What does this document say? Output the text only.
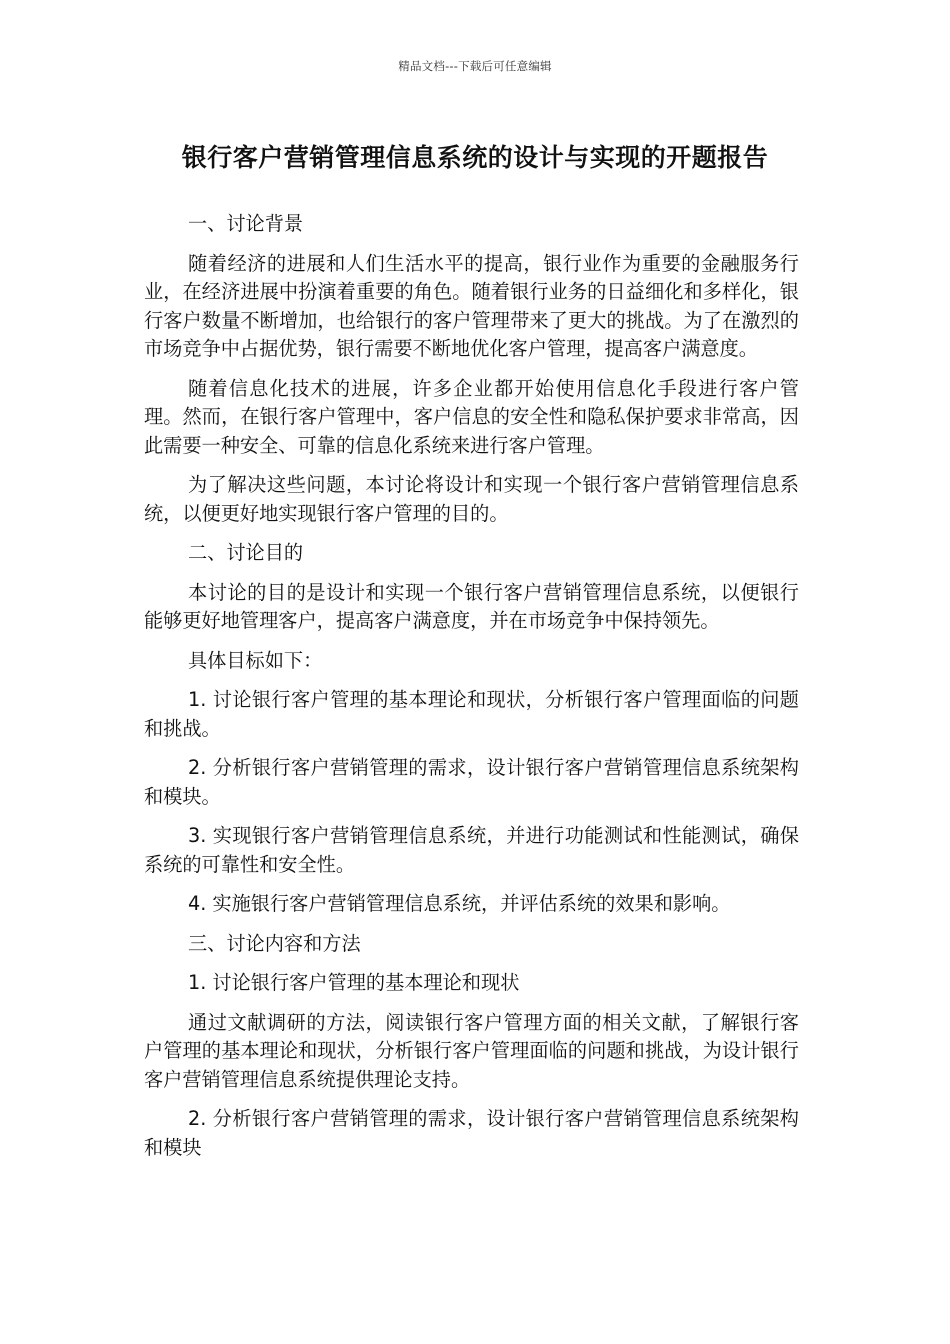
精品文档---下载后可任意编辑
银行客户营销管理信息系统的设计与实现的开题报告

一、讨论背景

随着经济的进展和人们生活水平的提高，银行业作为重要的金融服务行业，在经济进展中扮演着重要的角色。随着银行业务的日益细化和多样化，银行客户数量不断增加，也给银行的客户管理带来了更大的挑战。为了在激烈的市场竞争中占据优势，银行需要不断地优化客户管理，提高客户满意度。

随着信息化技术的进展，许多企业都开始使用信息化手段进行客户管理。然而，在银行客户管理中，客户信息的安全性和隐私保护要求非常高，因此需要一种安全、可靠的信息化系统来进行客户管理。

为了解决这些问题，本讨论将设计和实现一个银行客户营销管理信息系统，以便更好地实现银行客户管理的目的。

二、讨论目的

本讨论的目的是设计和实现一个银行客户营销管理信息系统，以便银行能够更好地管理客户，提高客户满意度，并在市场竞争中保持领先。

具体目标如下：

1. 讨论银行客户管理的基本理论和现状，分析银行客户管理面临的问题和挑战。

2. 分析银行客户营销管理的需求，设计银行客户营销管理信息系统架构和模块。

3. 实现银行客户营销管理信息系统，并进行功能测试和性能测试，确保系统的可靠性和安全性。

4. 实施银行客户营销管理信息系统，并评估系统的效果和影响。

三、讨论内容和方法

1. 讨论银行客户管理的基本理论和现状

通过文献调研的方法，阅读银行客户管理方面的相关文献，了解银行客户管理的基本理论和现状，分析银行客户管理面临的问题和挑战，为设计银行客户营销管理信息系统提供理论支持。

2. 分析银行客户营销管理的需求，设计银行客户营销管理信息系统架构和模块
